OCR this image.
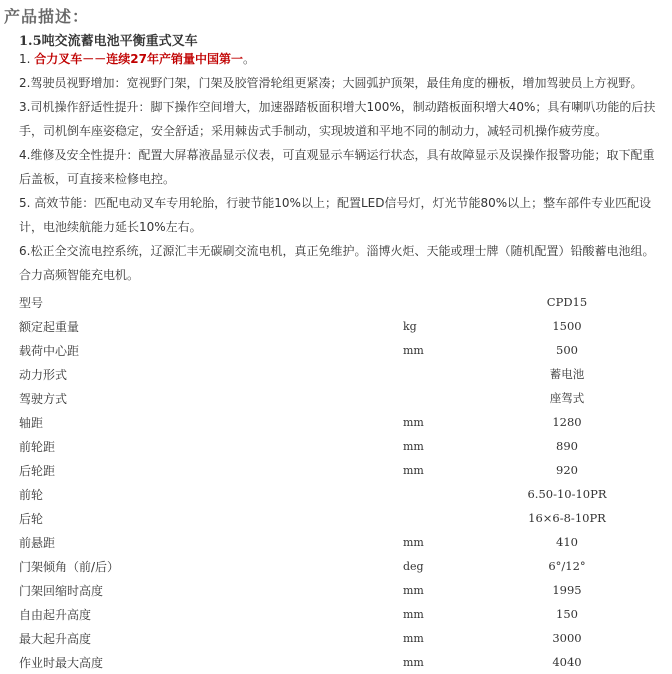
产品描述：
1.5吨交流蓄电池平衡重式叉车
1. 合力叉车－－连续27年产销量中国第一。
2.驾驶员视野增加：宽视野门架，门架及胶管滑轮组更紧凑；大圆弧护顶架，最佳角度的栅板，增加驾驶员上方视野。
3.司机操作舒适性提升：脚下操作空间增大，加速器踏板面积增大100%，制动踏板面积增大40%；具有喇叭功能的后扶手，司机倒车座姿稳定，安全舒适；采用棘齿式手制动，实现坡道和平地不同的制动力，减轻司机操作疲劳度。
4.维修及安全性提升：配置大屏幕液晶显示仪表，可直观显示车辆运行状态，具有故障显示及误操作报警功能；取下配重后盖板，可直接来检修电控。
5. 高效节能：匹配电动叉车专用轮胎，行驶节能10%以上；配置LED信号灯，灯光节能80%以上；整车部件专业匹配设计，电池续航能力延长10%左右。
6.松正全交流电控系统，辽源汇丰无碳刷交流电机，真正免维护。淄博火炬、天能或理士牌（随机配置）铅酸蓄电池组。合力高频智能充电机。
型号		CPD15
额定起重量	kg	1500
载荷中心距	mm	500
动力形式		蓄电池
驾驶方式		座驾式
轴距	mm	1280
前轮距	mm	890
后轮距	mm	920
前轮		6.50-10-10PR
后轮		16×6-8-10PR
前悬距	mm	410
门架倾角（前/后）	deg	6°/12°
门架回缩时高度	mm	1995
自由起升高度	mm	150
最大起升高度	mm	3000
作业时最大高度	mm	4040
